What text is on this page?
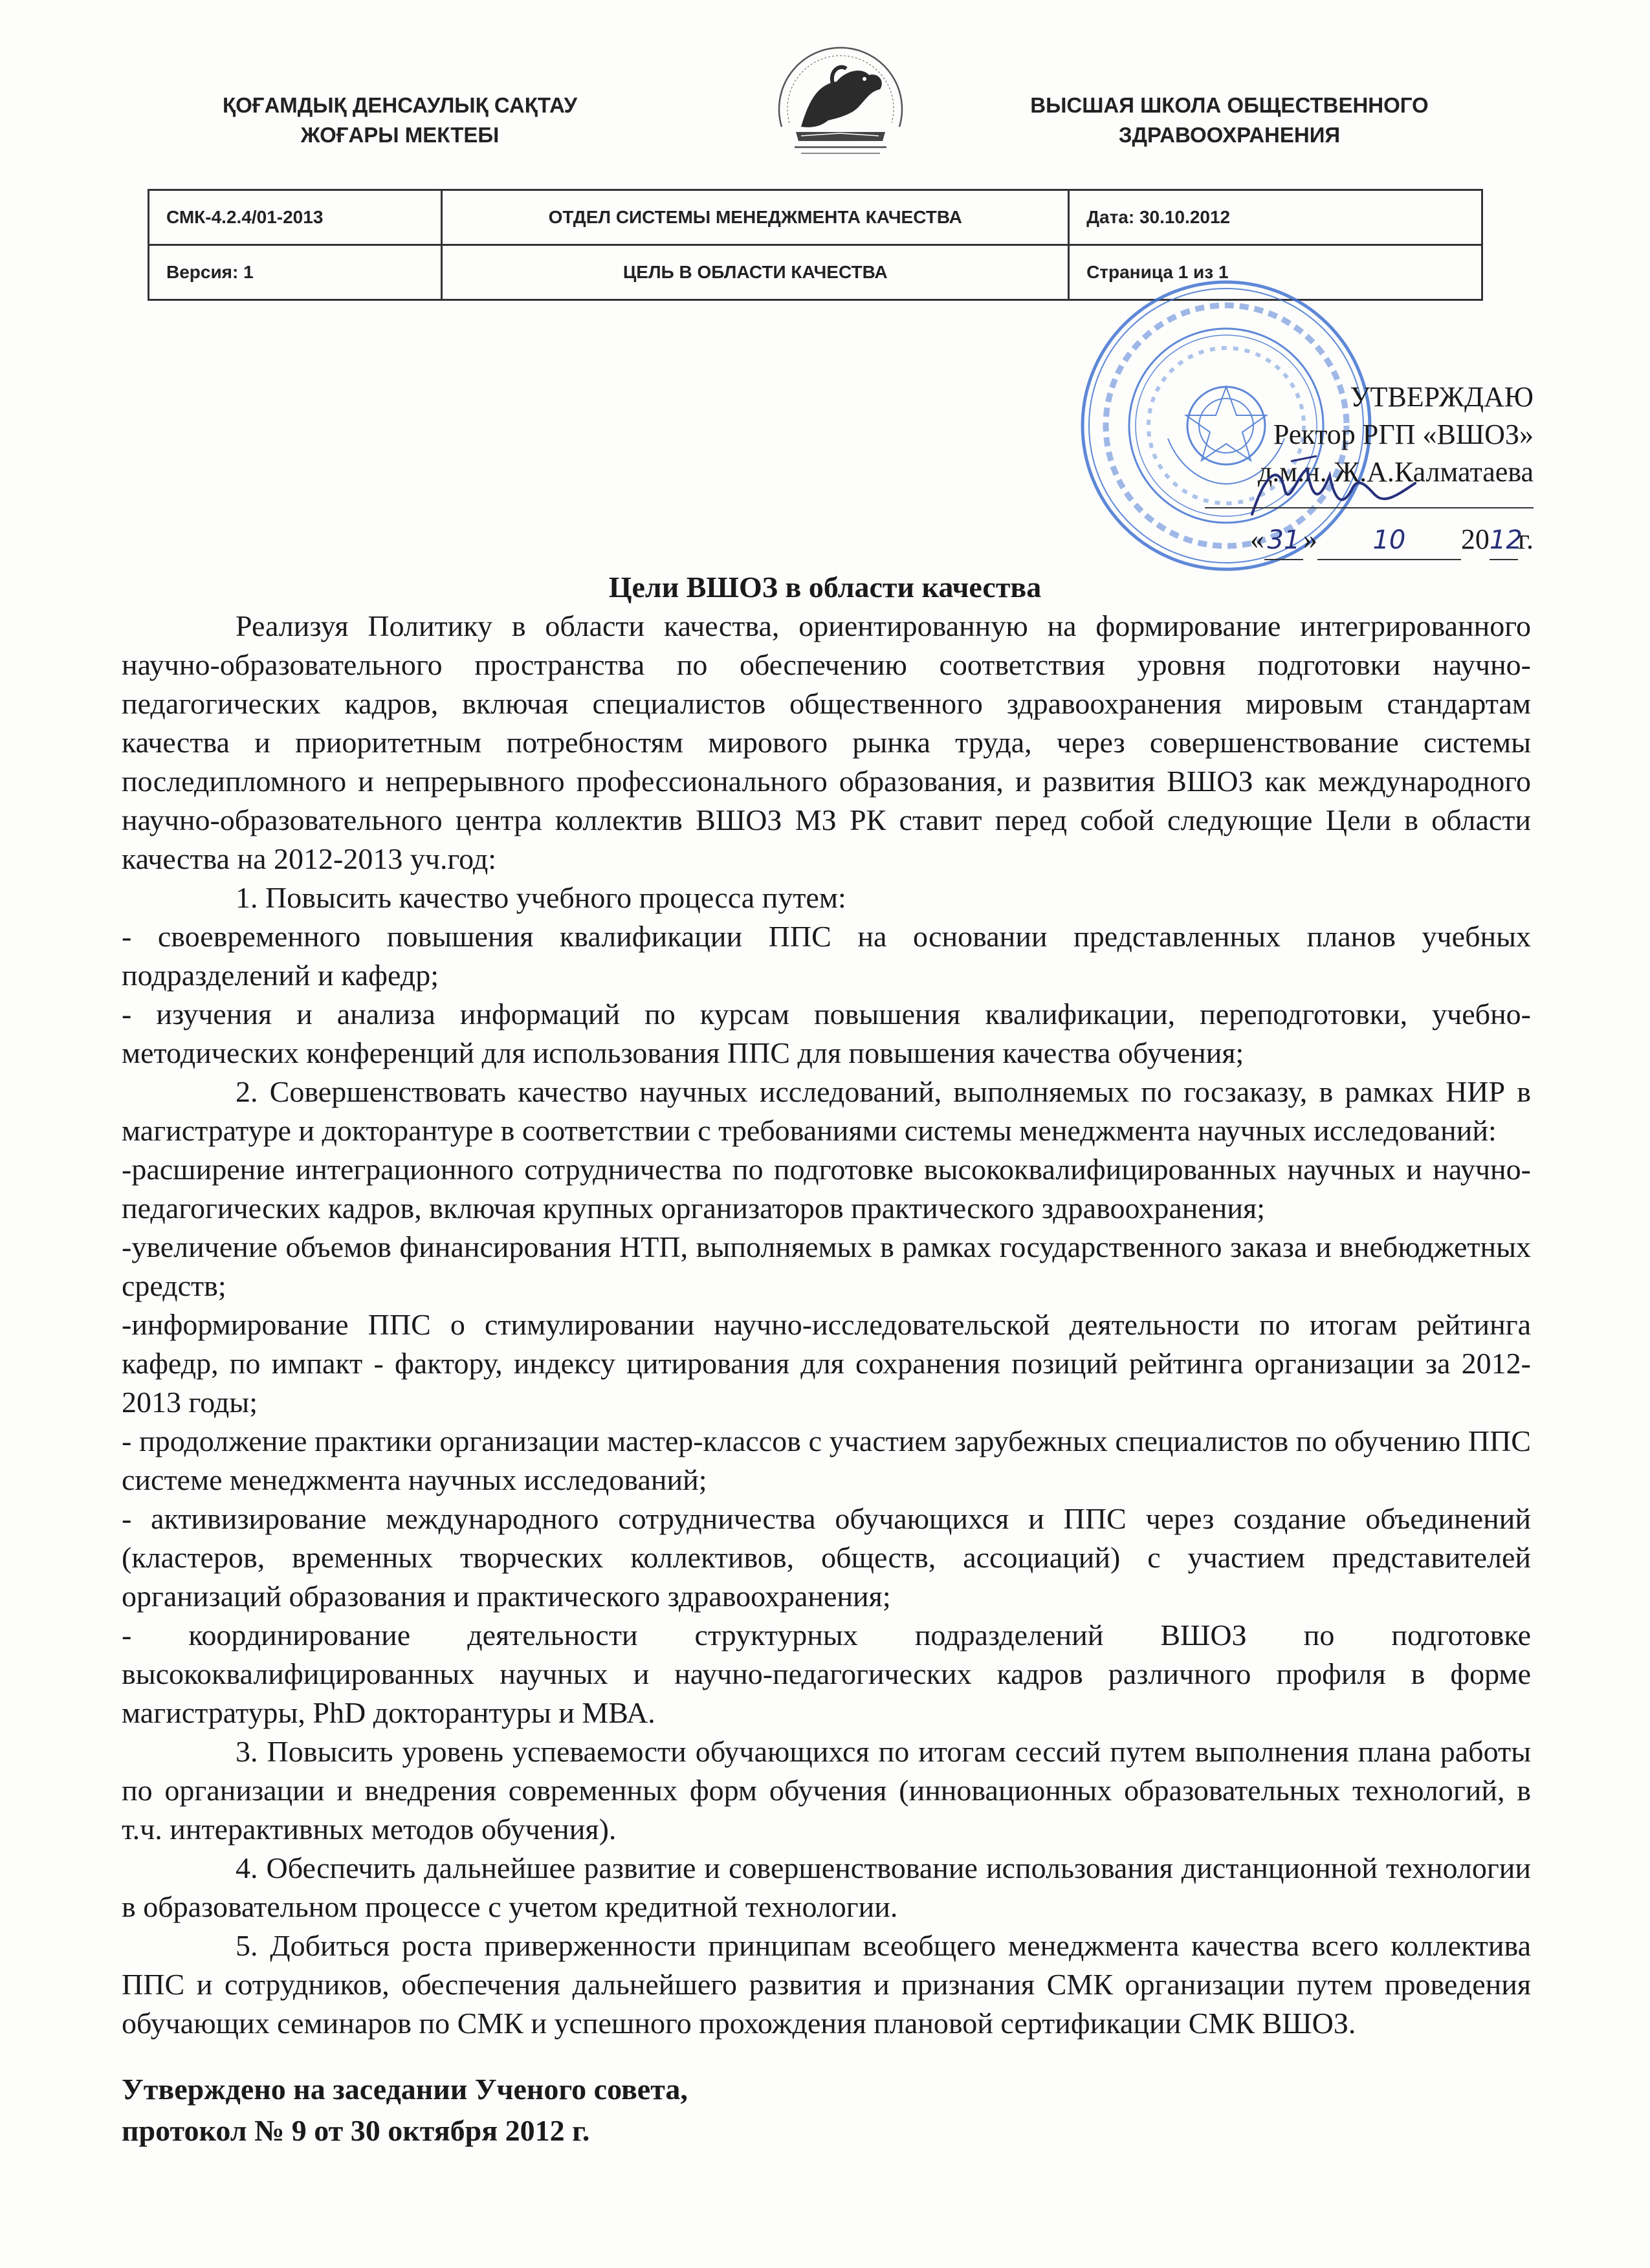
ҚОҒАМДЫҚ ДЕНСАУЛЫҚ САҚТАУ
ЖОҒАРЫ МЕКТЕБІ
ВЫСШАЯ ШКОЛА ОБЩЕСТВЕННОГО
ЗДРАВООХРАНЕНИЯ
СМК-4.2.4/01-2013	ОТДЕЛ СИСТЕМЫ МЕНЕДЖМЕНТА КАЧЕСТВА	Дата: 30.10.2012
Версия: 1	ЦЕЛЬ В ОБЛАСТИ КАЧЕСТВА	Страница 1 из 1
УТВЕРЖДАЮ
Ректор РГП «ВШОЗ»
д.м.н. Ж.А.Калматаева
« 31 » 10 2012г.
Цели ВШОЗ в области качества

Реализуя Политику в области качества, ориентированную на формирование интегрированного научно-образовательного пространства по обеспечению соответствия уровня подготовки научно-педагогических кадров, включая специалистов общественного здравоохранения мировым стандартам качества и приоритетным потребностям мирового рынка труда, через совершенствование системы последипломного и непрерывного профессионального образования, и развития ВШОЗ как международного научно-образовательного центра коллектив ВШОЗ МЗ РК ставит перед собой следующие Цели в области качества на 2012-2013 уч.год:

1. Повысить качество учебного процесса путем:

- своевременного повышения квалификации ППС на основании представленных планов учебных подразделений и кафедр;

- изучения и анализа информаций по курсам повышения квалификации, переподготовки, учебно-методических конференций для использования ППС для повышения качества обучения;

2. Совершенствовать качество научных исследований, выполняемых по госзаказу, в рамках НИР в магистратуре и докторантуре в соответствии с требованиями системы менеджмента научных исследований:

-расширение интеграционного сотрудничества по подготовке высококвалифицированных научных и научно-педагогических кадров, включая крупных организаторов практического здравоохранения;

-увеличение объемов финансирования НТП, выполняемых в рамках государственного заказа и внебюджетных средств;

-информирование ППС о стимулировании научно-исследовательской деятельности по итогам рейтинга кафедр, по импакт - фактору, индексу цитирования для сохранения позиций рейтинга организации за 2012-2013 годы;

- продолжение практики организации мастер-классов с участием зарубежных специалистов по обучению ППС системе менеджмента научных исследований;

- активизирование международного сотрудничества обучающихся и ППС через создание объединений (кластеров, временных творческих коллективов, обществ, ассоциаций) с участием представителей организаций образования и практического здравоохранения;

- координирование деятельности структурных подразделений ВШОЗ по подготовке высококвалифицированных научных и научно-педагогических кадров различного профиля в форме магистратуры, PhD докторантуры и МВА.

3. Повысить уровень успеваемости обучающихся по итогам сессий путем выполнения плана работы по организации и внедрения современных форм обучения (инновационных образовательных технологий, в т.ч. интерактивных методов обучения).

4. Обеспечить дальнейшее развитие и совершенствование использования дистанционной технологии в образовательном процессе с учетом кредитной технологии.

5. Добиться роста приверженности принципам всеобщего менеджмента качества всего коллектива ППС и сотрудников, обеспечения дальнейшего развития и признания СМК организации путем проведения обучающих семинаров по СМК и успешного прохождения плановой сертификации СМК ВШОЗ.

Утверждено на заседании Ученого совета,
протокол № 9 от 30 октября 2012 г.
